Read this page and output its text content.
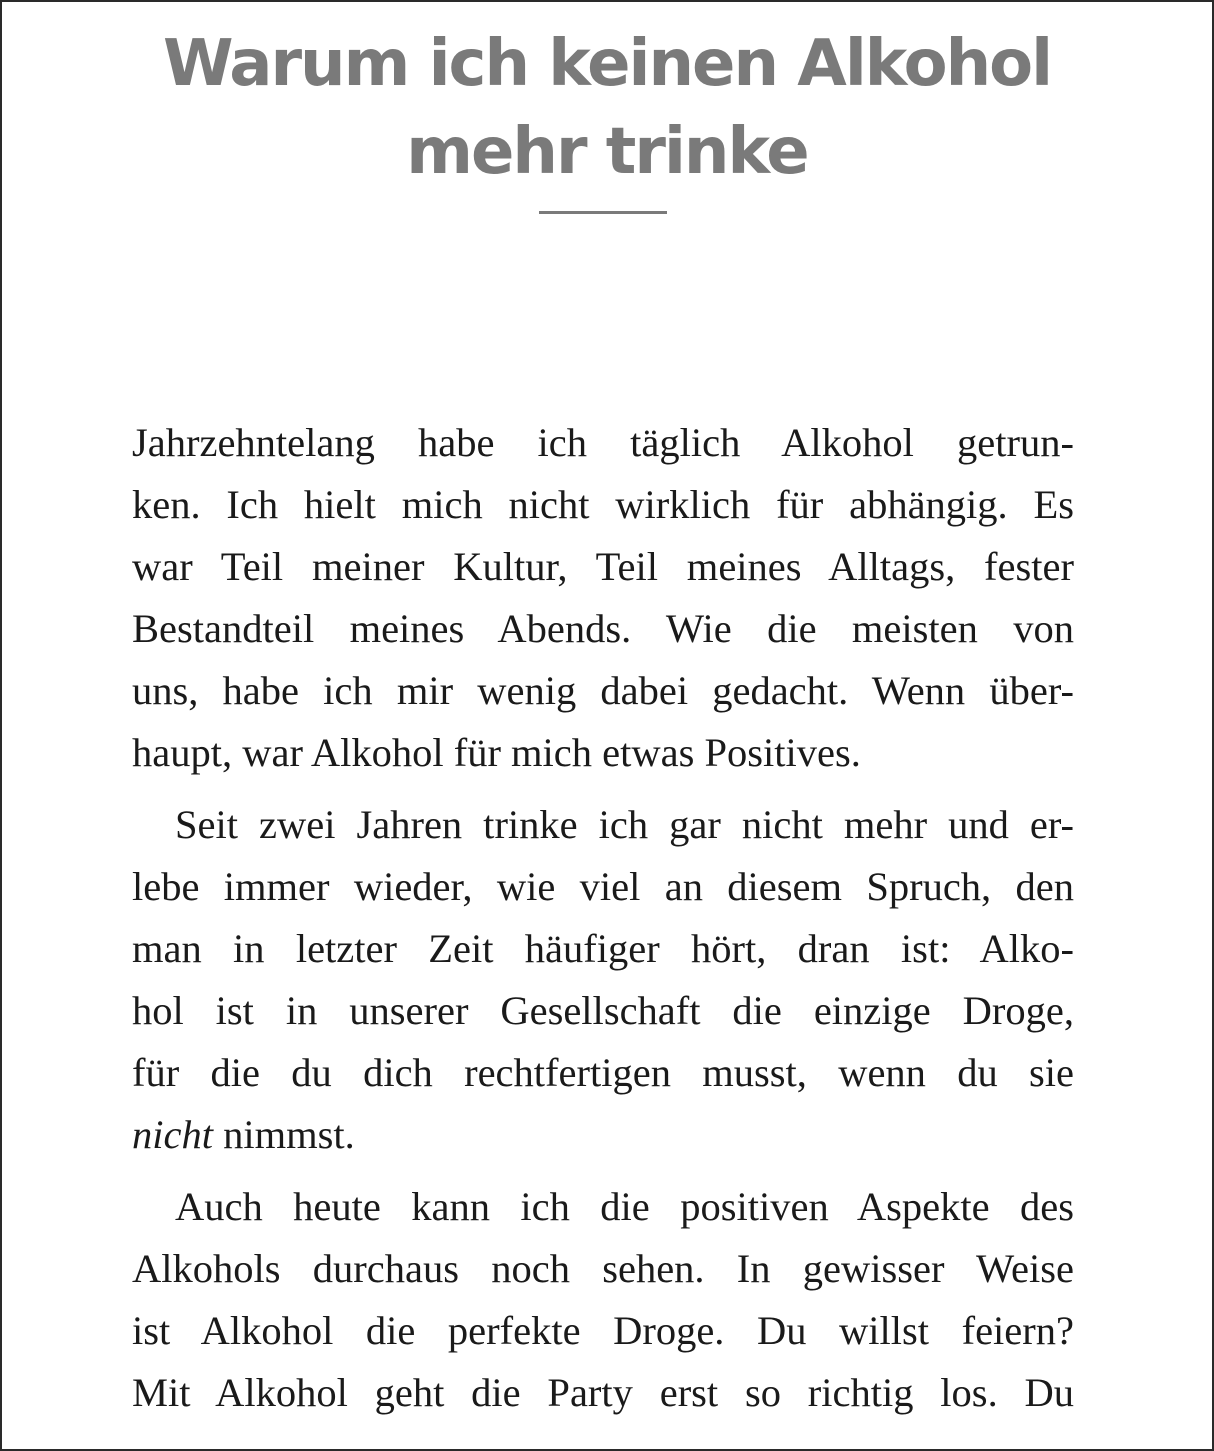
Warum ich keinen Alkohol
mehr trinke

Jahrzehntelang habe ich täglich Alkohol getrun-
ken. Ich hielt mich nicht wirklich für abhängig. Es
war Teil meiner Kultur, Teil meines Alltags, fester
Bestandteil meines Abends. Wie die meisten von
uns, habe ich mir wenig dabei gedacht. Wenn über-
haupt, war Alkohol für mich etwas Positives.

Seit zwei Jahren trinke ich gar nicht mehr und er-
lebe immer wieder, wie viel an diesem Spruch, den
man in letzter Zeit häufiger hört, dran ist: Alko-
hol ist in unserer Gesellschaft die einzige Droge,
für die du dich rechtfertigen musst, wenn du sie
nicht nimmst.

Auch heute kann ich die positiven Aspekte des
Alkohols durchaus noch sehen. In gewisser Weise
ist Alkohol die perfekte Droge. Du willst feiern?
Mit Alkohol geht die Party erst so richtig los. Du
